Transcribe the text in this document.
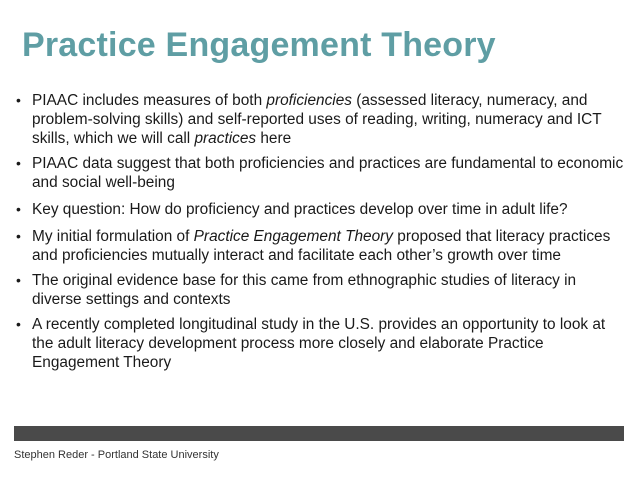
Practice Engagement Theory
• PIAAC includes measures of both proficiencies (assessed literacy, numeracy, and problem-solving skills) and self-reported uses of reading, writing, numeracy and ICT skills, which we will call practices here
• PIAAC data suggest that both proficiencies and practices are fundamental to economic and social well-being
• Key question: How do proficiency and practices develop over time in adult life?
• My initial formulation of Practice Engagement Theory proposed that literacy practices and proficiencies mutually interact and facilitate each other’s growth over time
• The original evidence base for this came from ethnographic studies of literacy in diverse settings and contexts
• A recently completed longitudinal study in the U.S. provides an opportunity to look at the adult literacy development process more closely and elaborate Practice Engagement Theory
Stephen Reder - Portland State University
